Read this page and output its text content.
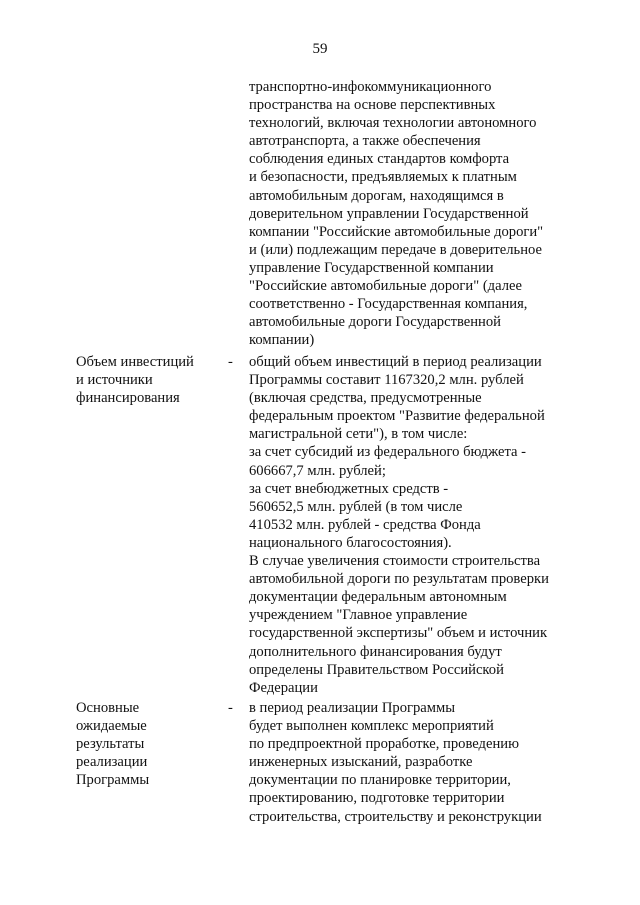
59
транспортно-инфокоммуникационного
пространства на основе перспективных
технологий, включая технологии автономного
автотранспорта, а также обеспечения
соблюдения единых стандартов комфорта
и безопасности, предъявляемых к платным
автомобильным дорогам, находящимся в
доверительном управлении Государственной
компании "Российские автомобильные дороги"
и (или) подлежащим передаче в доверительное
управление Государственной компании
"Российские автомобильные дороги" (далее
соответственно - Государственная компания,
автомобильные дороги Государственной
компании)
Объем инвестиций
и источники
финансирования
- общий объем инвестиций в период реализации
Программы составит 1167320,2 млн. рублей
(включая средства, предусмотренные
федеральным проектом "Развитие федеральной
магистральной сети"), в том числе:
за счет субсидий из федерального бюджета -
606667,7 млн. рублей;
за счет внебюджетных средств -
560652,5 млн. рублей (в том числе
410532 млн. рублей - средства Фонда
национального благосостояния).
В случае увеличения стоимости строительства
автомобильной дороги по результатам проверки
документации федеральным автономным
учреждением "Главное управление
государственной экспертизы" объем и источник
дополнительного финансирования будут
определены Правительством Российской
Федерации
Основные
ожидаемые
результаты
реализации
Программы
- в период реализации Программы
будет выполнен комплекс мероприятий
по предпроектной проработке, проведению
инженерных изысканий, разработке
документации по планировке территории,
проектированию, подготовке территории
строительства, строительству и реконструкции
